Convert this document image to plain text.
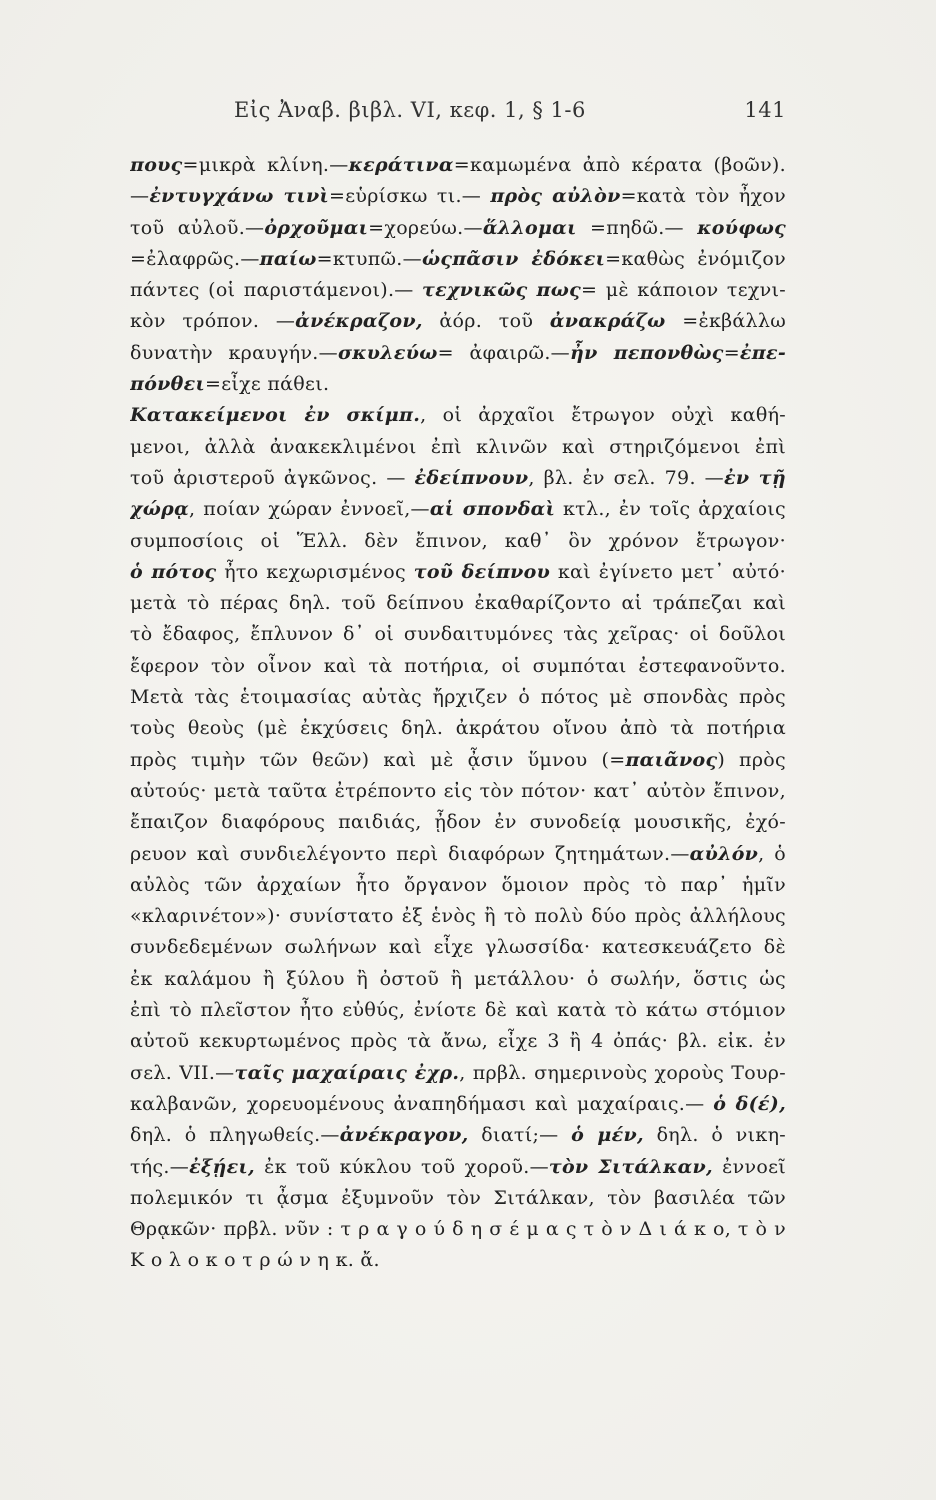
Εἰς Ἀναβ. βιβλ. VI, κεφ. 1, § 1-6	141
πους=μικρὰ κλίνη.—κεράτινα=καμωμένα ἀπὸ κέρατα (βοῶν).
—ἐντυγχάνω τινὶ=εὑρίσκω τι.— πρὸς αὐλὸν=κατὰ τὸν ἦχον
τοῦ αὐλοῦ.—ὀρχοῦμαι=χορεύω.—ἅλλομαι =πηδῶ.— κούφως
=ἐλαφρῶς.—παίω=κτυπῶ.—ὡςπᾶσιν ἐδόκει=καθὼς ἐνόμιζον
πάντες (οἱ παριστάμενοι).— τεχνικῶς πως= μὲ κάποιον τεχνι-
κὸν τρόπον. —ἀνέκραζον, ἀόρ. τοῦ ἀνακράζω =ἐκβάλλω
δυνατὴν κραυγήν.—σκυλεύω= ἀφαιρῶ.—ἦν πεπονθὼς=ἐπε-
πόνθει=εἶχε πάθει.
Κατακείμενοι ἐν σκίμπ., οἱ ἀρχαῖοι ἔτρωγον οὐχὶ καθή-
μενοι, ἀλλὰ ἀνακεκλιμένοι ἐπὶ κλινῶν καὶ στηριζόμενοι ἐπὶ
τοῦ ἀριστεροῦ ἀγκῶνος. — ἐδείπνουν, βλ. ἐν σελ. 79. —ἐν τῇ
χώρᾳ, ποίαν χώραν ἐννοεῖ,—αἱ σπονδαὶ κτλ., ἐν τοῖς ἀρχαίοις
συμποσίοις οἱ Ἕλλ. δὲν ἔπινον, καθ᾽ ὃν χρόνον ἔτρωγον·
ὁ πότος ἦτο κεχωρισμένος τοῦ δείπνου καὶ ἐγίνετο μετ᾽ αὐτό·
μετὰ τὸ πέρας δηλ. τοῦ δείπνου ἐκαθαρίζοντο αἱ τράπεζαι καὶ
τὸ ἔδαφος, ἔπλυνον δ᾽ οἱ συνδαιτυμόνες τὰς χεῖρας· οἱ δοῦλοι
ἔφερον τὸν οἶνον καὶ τὰ ποτήρια, οἱ συμπόται ἐστεφανοῦντο.
Μετὰ τὰς ἑτοιμασίας αὐτὰς ἤρχιζεν ὁ πότος μὲ σπονδὰς πρὸς
τοὺς θεοὺς (μὲ ἐκχύσεις δηλ. ἀκράτου οἴνου ἀπὸ τὰ ποτήρια
πρὸς τιμὴν τῶν θεῶν) καὶ μὲ ᾆσιν ὕμνου (=παιᾶνος) πρὸς
αὐτούς· μετὰ ταῦτα ἐτρέποντο εἰς τὸν πότον· κατ᾽ αὐτὸν ἔπινον,
ἔπαιζον διαφόρους παιδιάς, ᾖδον ἐν συνοδείᾳ μουσικῆς, ἐχό-
ρευον καὶ συνδιελέγοντο περὶ διαφόρων ζητημάτων.—αὐλόν, ὁ
αὐλὸς τῶν ἀρχαίων ἦτο ὄργανον ὅμοιον πρὸς τὸ παρ᾽ ἡμῖν
«κλαρινέτον»)· συνίστατο ἐξ ἑνὸς ἢ τὸ πολὺ δύο πρὸς ἀλλήλους
συνδεδεμένων σωλήνων καὶ εἶχε γλωσσίδα· κατεσκευάζετο δὲ
ἐκ καλάμου ἢ ξύλου ἢ ὀστοῦ ἢ μετάλλου· ὁ σωλήν, ὅστις ὡς
ἐπὶ τὸ πλεῖστον ἦτο εὐθύς, ἐνίοτε δὲ καὶ κατὰ τὸ κάτω στόμιον
αὐτοῦ κεκυρτωμένος πρὸς τὰ ἄνω, εἶχε 3 ἢ 4 ὀπάς· βλ. εἰκ. ἐν
σελ. VII.—ταῖς μαχαίραις ἐχρ., πρβλ. σημερινοὺς χοροὺς Τουρ-
καλβανῶν, χορευομένους ἀναπηδήμασι καὶ μαχαίραις.— ὁ δ(έ),
δηλ. ὁ πληγωθείς.—ἀνέκραγον, διατί;— ὁ μέν, δηλ. ὁ νικη-
τής.—ἐξῄει, ἐκ τοῦ κύκλου τοῦ χοροῦ.—τὸν Σιτάλκαν, ἐννοεῖ
πολεμικόν τι ᾆσμα ἐξυμνοῦν τὸν Σιτάλκαν, τὸν βασιλέα τῶν
Θρᾳκῶν· πρβλ. νῦν : τ ρ α γ ο ύ δ η σ έ μ α ς τ ὸ ν Δ ι ά κ ο, τ ὸ ν
Κ ο λ ο κ ο τ ρ ώ ν η κ. ἄ.
